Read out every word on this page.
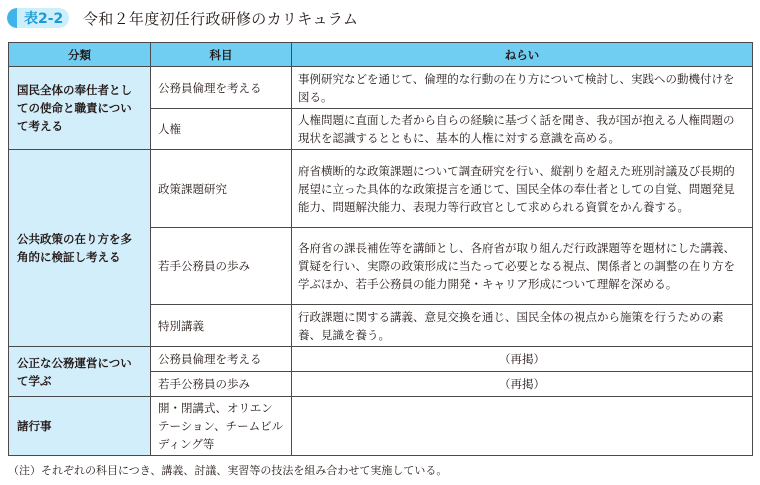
表2-2 令和２年度初任行政研修のカリキュラム
分類	科目	ねらい
国民全体の奉仕者としての使命と職責について考える	公務員倫理を考える	事例研究などを通じて、倫理的な行動の在り方について検討し、実践への動機付けを図る。
	人権	人権問題に直面した者から自らの経験に基づく話を聞き、我が国が抱える人権問題の現状を認識するとともに、基本的人権に対する意識を高める。
公共政策の在り方を多角的に検証し考える	政策課題研究	府省横断的な政策課題について調査研究を行い、縦割りを超えた班別討議及び長期的展望に立った具体的な政策提言を通じて、国民全体の奉仕者としての自覚、問題発見能力、問題解決能力、表現力等行政官として求められる資質をかん養する。
	若手公務員の歩み	各府省の課長補佐等を講師とし、各府省が取り組んだ行政課題等を題材にした講義、質疑を行い、実際の政策形成に当たって必要となる視点、関係者との調整の在り方を学ぶほか、若手公務員の能力開発・キャリア形成について理解を深める。
	特別講義	行政課題に関する講義、意見交換を通じ、国民全体の視点から施策を行うための素養、見識を養う。
公正な公務運営について学ぶ	公務員倫理を考える	（再掲）
	若手公務員の歩み	（再掲）
諸行事	開・閉講式、オリエンテーション、チームビルディング等	
（注）それぞれの科目につき、講義、討議、実習等の技法を組み合わせて実施している。
